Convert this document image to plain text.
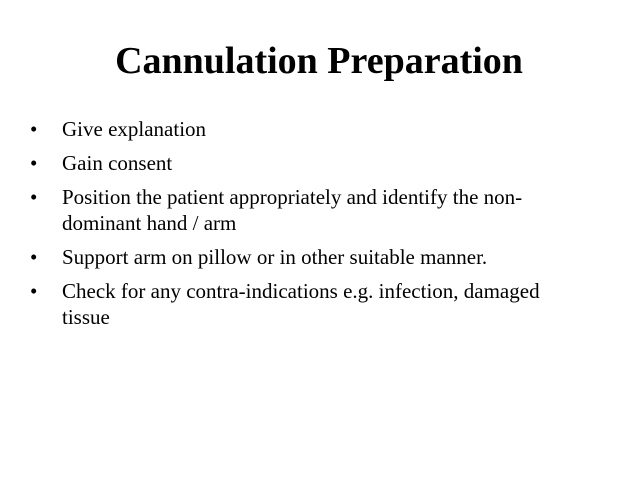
Cannulation Preparation
• Give explanation
• Gain consent
• Position the patient appropriately and identify the non-dominant hand / arm
• Support arm on pillow or in other suitable manner.
• Check for any contra-indications e.g. infection, damaged tissue
